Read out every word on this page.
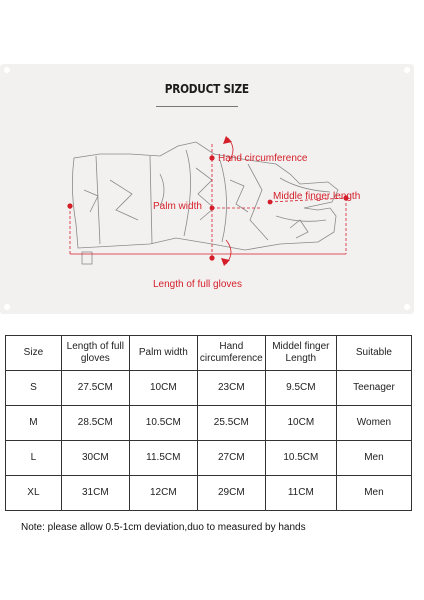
PRODUCT SIZE
Hand circumference
Palm width
Middle finger length
Length of full gloves
Size	Length of full gloves	Palm width	Hand circumference	Middel finger Length	Suitable
S	27.5CM	10CM	23CM	9.5CM	Teenager
M	28.5CM	10.5CM	25.5CM	10CM	Women
L	30CM	11.5CM	27CM	10.5CM	Men
XL	31CM	12CM	29CM	11CM	Men
Note: please allow 0.5-1cm deviation,duo to measured by hands
